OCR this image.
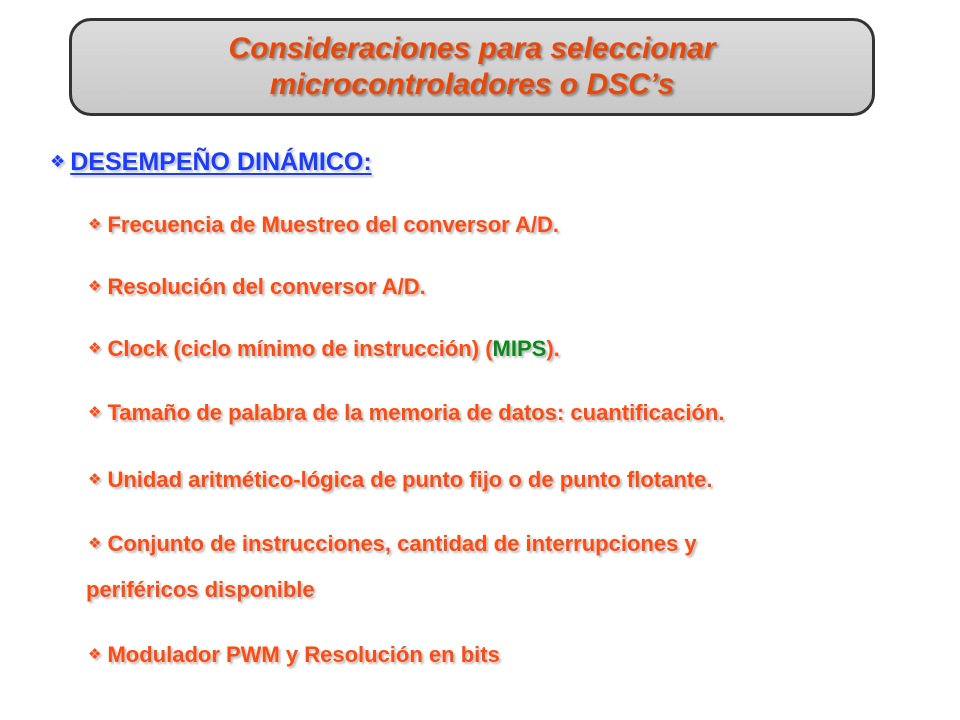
Consideraciones para seleccionar
microcontroladores o DSC’s
❖ DESEMPEÑO DINÁMICO:
❖ Frecuencia de Muestreo del conversor A/D.
❖ Resolución del conversor A/D.
❖ Clock (ciclo mínimo de instrucción) (MIPS).
❖ Tamaño de palabra de la memoria de datos: cuantificación.
❖ Unidad aritmético-lógica de punto fijo o de punto flotante.
❖ Conjunto de instrucciones, cantidad de interrupciones y
periféricos disponible
❖ Modulador PWM y Resolución en bits
